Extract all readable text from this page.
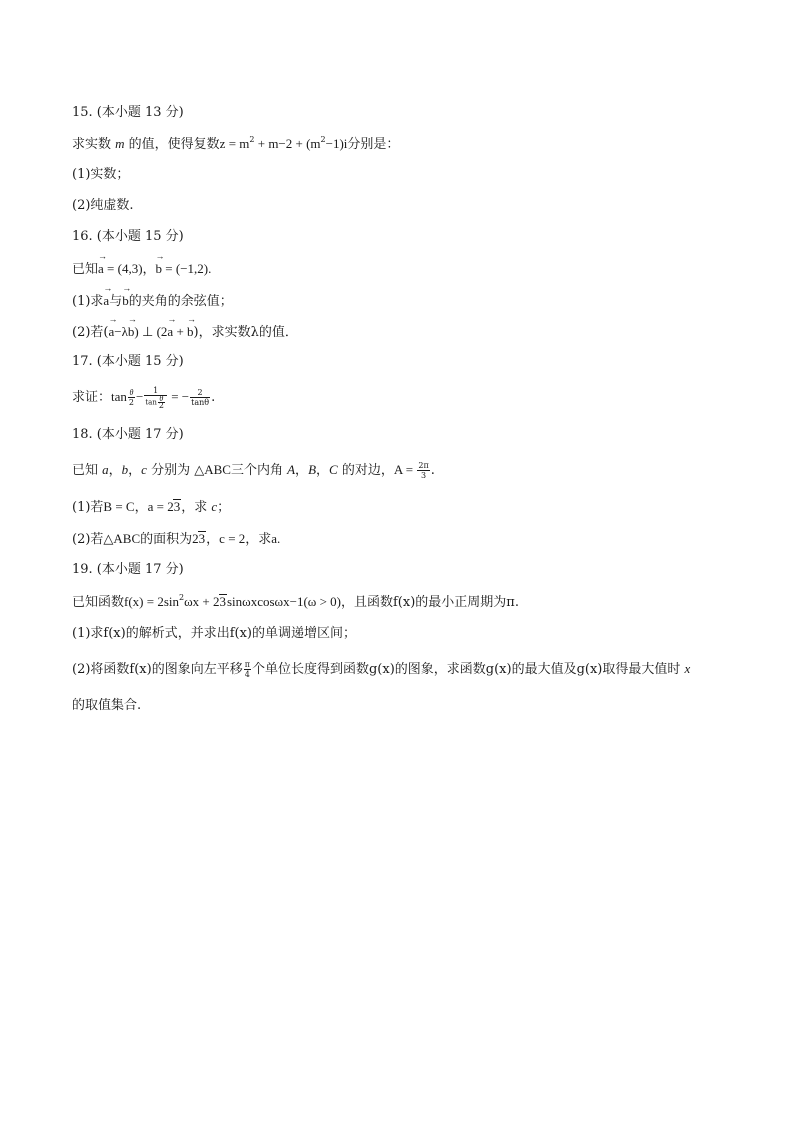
15. (本小题 13 分)
求实数 m 的值，使得复数$z = m^2 + m-2 + (m^2-1)i$分别是：
(1)实数；
(2)纯虚数.
16. (本小题 15 分)
已知→ a = (4,3)，→ b = (−1,2).
(1)求→ a与→ b的夹角的余弦值；
(2)若(→ a−λ→ b) ⊥ (2→ a + → b)，求实数λ的值．
17. (本小题 15 分)
求证：$\tan \frac{\theta}{2} - \frac{1}{\tan \frac{\theta}{2}}$ = − $\frac{2}{\tan\theta}$ .
18. (本小题 17 分)
已知 a，b，c 分别为 △ABC三个内角 A，B，C 的对边，$A = \frac{2\pi}{3}$ .
(1)若B = C，a = 23，求 c；
(2)若△ABC的面积为23，c = 2，求a.
19. (本小题 17 分)
已知函数$f(x) = 2\sin^2\omega x + 23\sin\omega xcos\omega x-1(\omega > 0)$，且函数f(x)的最小正周期为π.
(1)求f(x)的解析式，并求出f(x)的单调递增区间；
(2)将函数f(x)的图象向左平移 $\frac{\pi}{4}$ 个单位长度得到函数g(x)的图象，求函数g(x)的最大值及g(x)取得最大值时 x
的取值集合.
